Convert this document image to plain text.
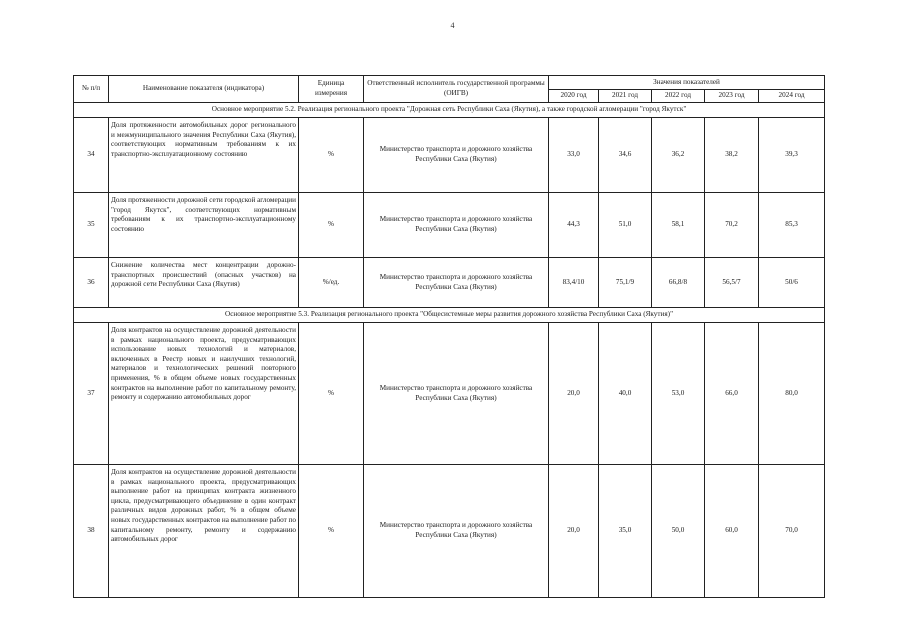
4
№ п/п	Наименование показателя (индикатора)	Единица измерения	Ответственный исполнитель государственной программы (ОИГВ)	Значения показателей				
				2020 год	2021 год	2022 год	2023 год	2024 год
Основное мероприятие 5.2. Реализация регионального проекта "Дорожная сеть Республики Саха (Якутия), а также городской агломерации "город Якутск"								
34	Доля протяженности автомобильных дорог регионального и межмуниципального значения Республики Саха (Якутия), соответствующих нормативным требованиям к их транспортно-эксплуатационному состоянию	%	Министерство транспорта и дорожного хозяйства Республики Саха (Якутия)	33,0	34,6	36,2	38,2	39,3
35	Доля протяженности дорожной сети городской агломерации "город Якутск", соответствующих нормативным требованиям к их транспортно-эксплуатационному состоянию	%	Министерство транспорта и дорожного хозяйства Республики Саха (Якутия)	44,3	51,0	58,1	70,2	85,3
36	Снижение количества мест концентрации дорожно-транспортных происшествий (опасных участков) на дорожной сети Республики Саха (Якутия)	%/ед.	Министерство транспорта и дорожного хозяйства Республики Саха (Якутия)	83,4/10	75,1/9	66,8/8	56,5/7	50/6
Основное мероприятие 5.3. Реализация регионального проекта "Общесистемные меры развития дорожного хозяйства Республики Саха (Якутия)"								
37	Доля контрактов на осуществление дорожной деятельности в рамках национального проекта, предусматривающих использование новых технологий и материалов, включенных в Реестр новых и наилучших технологий, материалов и технологических решений повторного применения, % в общем объеме новых государственных контрактов на выполнение работ по капитальному ремонту, ремонту и содержанию автомобильных дорог	%	Министерство транспорта и дорожного хозяйства Республики Саха (Якутия)	20,0	40,0	53,0	66,0	80,0
38	Доля контрактов на осуществление дорожной деятельности в рамках национального проекта, предусматривающих выполнение работ на принципах контракта жизненного цикла, предусматривающего объединение в один контракт различных видов дорожных работ, % в общем объеме новых государственных контрактов на выполнение работ по капитальному ремонту, ремонту и содержанию автомобильных дорог	%	Министерство транспорта и дорожного хозяйства Республики Саха (Якутия)	20,0	35,0	50,0	60,0	70,0
